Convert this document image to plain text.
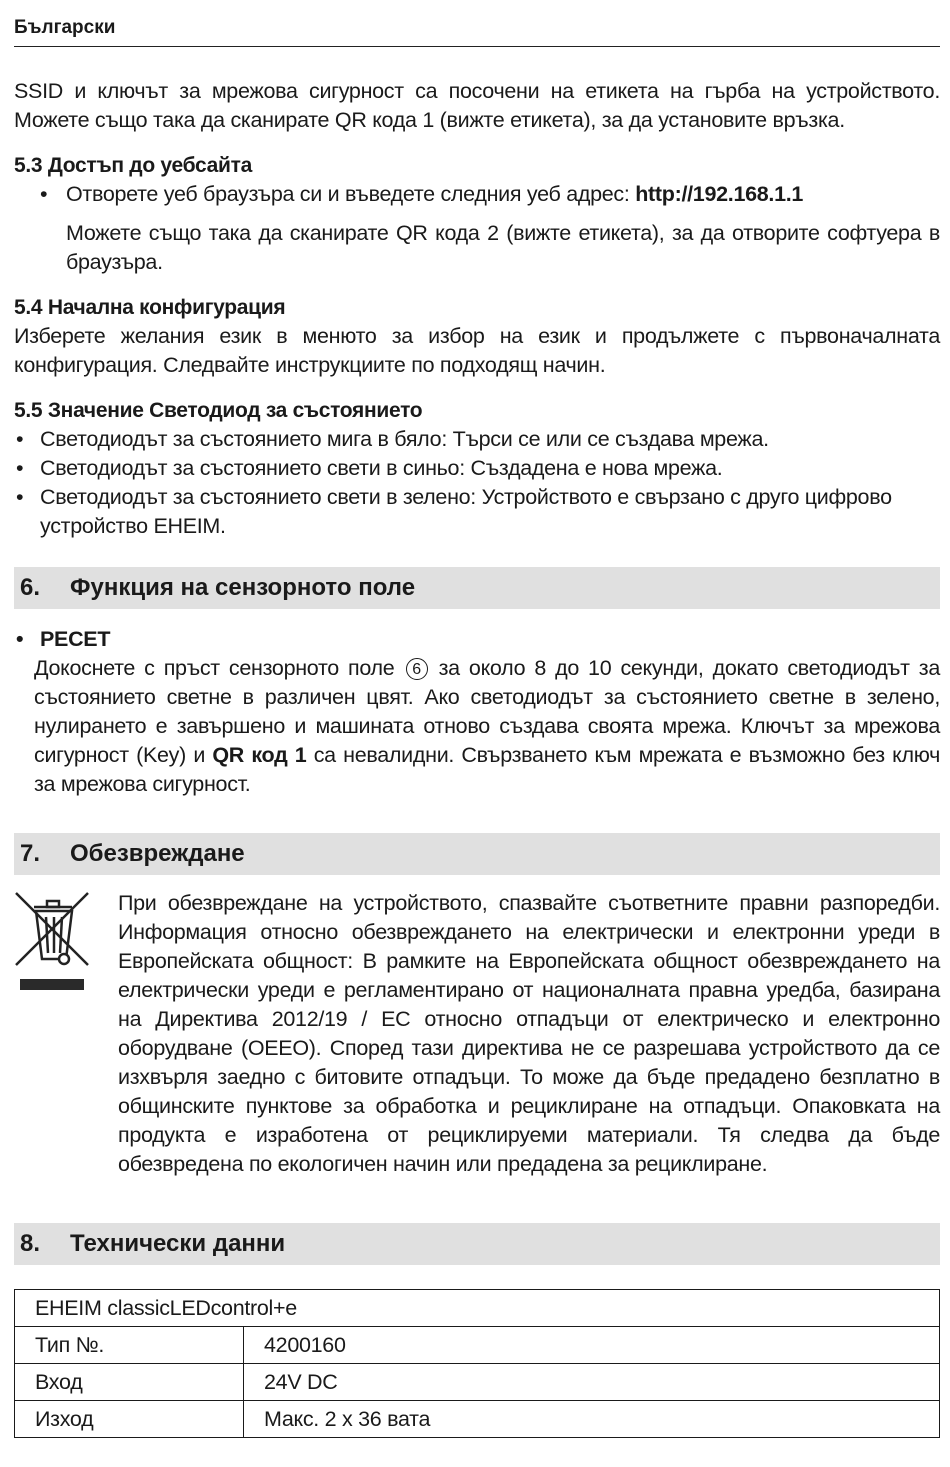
Български

SSID и ключът за мрежова сигурност са посочени на етикета на гърба на устройството. Можете също така да сканирате QR кода 1 (вижте етикета), за да установите връзка.

5.3 Достъп до уебсайта
• Отворете уеб браузъра си и въведете следния уеб адрес: http://192.168.1.1

Можете също така да сканирате QR кода 2 (вижте етикета), за да отворите софтуера в браузъра.

5.4 Начална конфигурация

Изберете желания език в менюто за избор на език и продължете с първоначалната конфигурация. Следвайте инструкциите по подходящ начин.

5.5 Значение Светодиод за състоянието
• Светодиодът за състоянието мига в бяло: Търси се или се създава мрежа.
• Светодиодът за състоянието свети в синьо: Създадена е нова мрежа.
• Светодиодът за състоянието свети в зелено: Устройството е свързано с друго цифрово устройство EHEIM.
6. Функция на сензорното поле
• РЕСЕТ

Докоснете с пръст сензорното поле 6 за около 8 до 10 секунди, докато светодиодът за състоянието светне в различен цвят. Ако светодиодът за състоянието светне в зелено, нулирането е завършено и машината отново създава своята мрежа. Ключът за мрежова сигурност (Key) и QR код 1 са невалидни. Свързването към мрежата е възможно без ключ за мрежова сигурност.

7. Обезвреждане

При обезвреждане на устройството, спазвайте съответните правни разпоредби. Информация относно обезвреждането на електрически и електронни уреди в Европейската общност: В рамките на Европейската общност обезвреждането на електрически уреди е регламентирано от националната правна уредба, базирана на Директива 2012/19 / ЕС относно отпадъци от електрическо и електронно оборудване (ОЕЕО). Според тази директива не се разрешава устройството да се изхвърля заедно с битовите отпадъци. То може да бъде предадено безплатно в общинските пунктове за обработка и рециклиране на отпадъци. Опаковката на продукта е изработена от рециклируеми материали. Тя следва да бъде обезвредена по екологичен начин или предадена за рециклиране.

8. Технически данни
EHEIM classicLEDcontrol+e	
Тип №.	4200160
Вход	24V DC
Изход	Макс. 2 x 36 вата
